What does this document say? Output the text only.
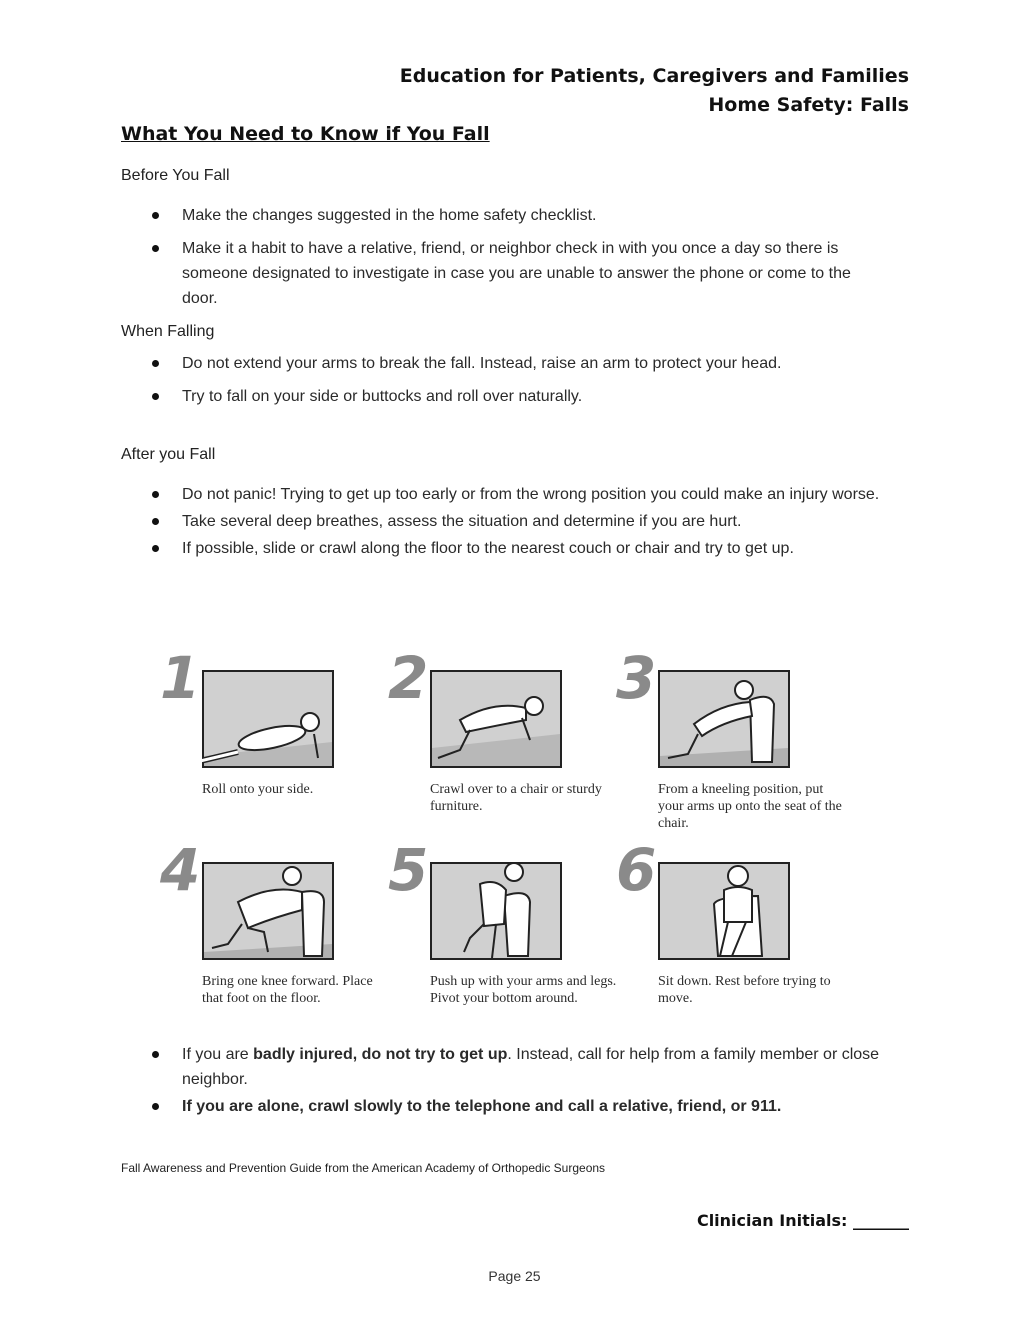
Education for Patients, Caregivers and Families
Home Safety: Falls
What You Need to Know if You Fall
Before You Fall
Make the changes suggested in the home safety checklist.
Make it a habit to have a relative, friend, or neighbor check in with you once a day so there is someone designated to investigate in case you are unable to answer the phone or come to the door.
When Falling
Do not extend your arms to break the fall. Instead, raise an arm to protect your head.
Try to fall on your side or buttocks and roll over naturally.
After you Fall
Do not panic! Trying to get up too early or from the wrong position you could make an injury worse.
Take several deep breathes, assess the situation and determine if you are hurt.
If possible, slide or crawl along the floor to the nearest couch or chair and try to get up.
1
Roll onto your side.
2
Crawl over to a chair or sturdy furniture.
3
From a kneeling position, put your arms up onto the seat of the chair.
4
Bring one knee forward. Place that foot on the floor.
5
Push up with your arms and legs. Pivot your bottom around.
6
Sit down. Rest before trying to move.
If you are badly injured, do not try to get up. Instead, call for help from a family member or close neighbor.
If you are alone, crawl slowly to the telephone and call a relative, friend, or 911.
Fall Awareness and Prevention Guide from the American Academy of Orthopedic Surgeons
Clinician Initials: _______
Page 25
